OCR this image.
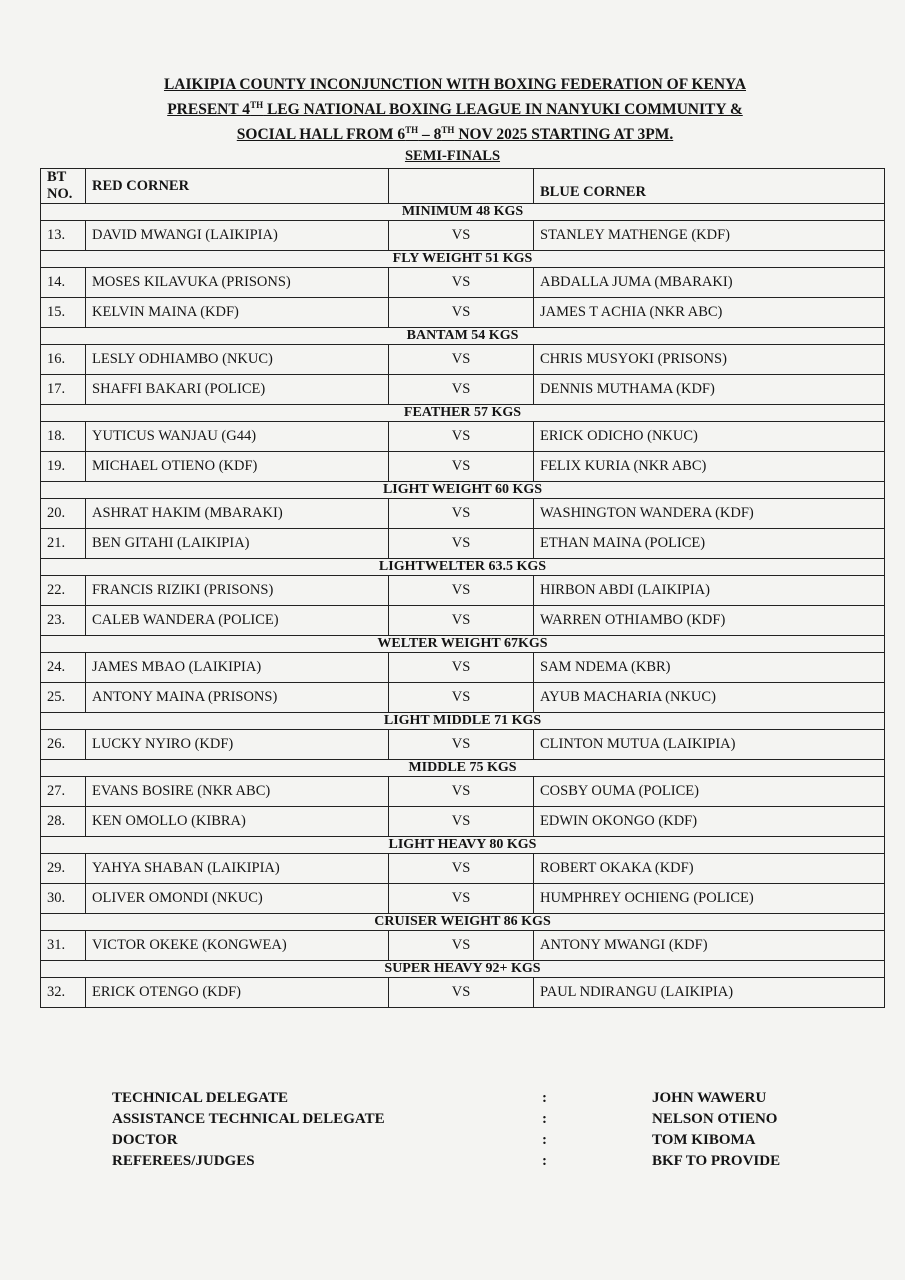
LAIKIPIA COUNTY INCONJUNCTION WITH BOXING FEDERATION OF KENYA
PRESENT 4TH LEG NATIONAL BOXING LEAGUE IN NANYUKI COMMUNITY &
SOCIAL HALL FROM 6TH – 8TH NOV 2025 STARTING AT 3PM.
SEMI-FINALS
BT NO.	RED CORNER		BLUE CORNER
MINIMUM 48 KGS			
13.	DAVID MWANGI (LAIKIPIA)	VS	STANLEY MATHENGE (KDF)
FLY WEIGHT 51 KGS			
14.	MOSES KILAVUKA (PRISONS)	VS	ABDALLA JUMA (MBARAKI)
15.	KELVIN MAINA (KDF)	VS	JAMES T ACHIA (NKR ABC)
BANTAM 54 KGS			
16.	LESLY ODHIAMBO (NKUC)	VS	CHRIS MUSYOKI (PRISONS)
17.	SHAFFI BAKARI (POLICE)	VS	DENNIS MUTHAMA (KDF)
FEATHER 57 KGS			
18.	YUTICUS WANJAU (G44)	VS	ERICK ODICHO (NKUC)
19.	MICHAEL OTIENO (KDF)	VS	FELIX KURIA (NKR ABC)
LIGHT WEIGHT 60 KGS			
20.	ASHRAT HAKIM (MBARAKI)	VS	WASHINGTON WANDERA (KDF)
21.	BEN GITAHI (LAIKIPIA)	VS	ETHAN MAINA (POLICE)
LIGHTWELTER 63.5 KGS			
22.	FRANCIS RIZIKI (PRISONS)	VS	HIRBON ABDI (LAIKIPIA)
23.	CALEB WANDERA (POLICE)	VS	WARREN OTHIAMBO (KDF)
WELTER WEIGHT 67KGS			
24.	JAMES MBAO (LAIKIPIA)	VS	SAM NDEMA (KBR)
25.	ANTONY MAINA (PRISONS)	VS	AYUB MACHARIA (NKUC)
LIGHT MIDDLE 71 KGS			
26.	LUCKY NYIRO (KDF)	VS	CLINTON MUTUA (LAIKIPIA)
MIDDLE 75 KGS			
27.	EVANS BOSIRE (NKR ABC)	VS	COSBY OUMA (POLICE)
28.	KEN OMOLLO (KIBRA)	VS	EDWIN OKONGO (KDF)
LIGHT HEAVY 80 KGS			
29.	YAHYA SHABAN (LAIKIPIA)	VS	ROBERT OKAKA (KDF)
30.	OLIVER OMONDI (NKUC)	VS	HUMPHREY OCHIENG (POLICE)
CRUISER WEIGHT 86 KGS			
31.	VICTOR OKEKE (KONGWEA)	VS	ANTONY MWANGI (KDF)
SUPER HEAVY 92+ KGS			
32.	ERICK OTENGO (KDF)	VS	PAUL NDIRANGU (LAIKIPIA)
TECHNICAL DELEGATE	:	JOHN WAWERU
ASSISTANCE TECHNICAL DELEGATE	:	NELSON OTIENO
DOCTOR	:	TOM KIBOMA
REFEREES/JUDGES	:	BKF TO PROVIDE
